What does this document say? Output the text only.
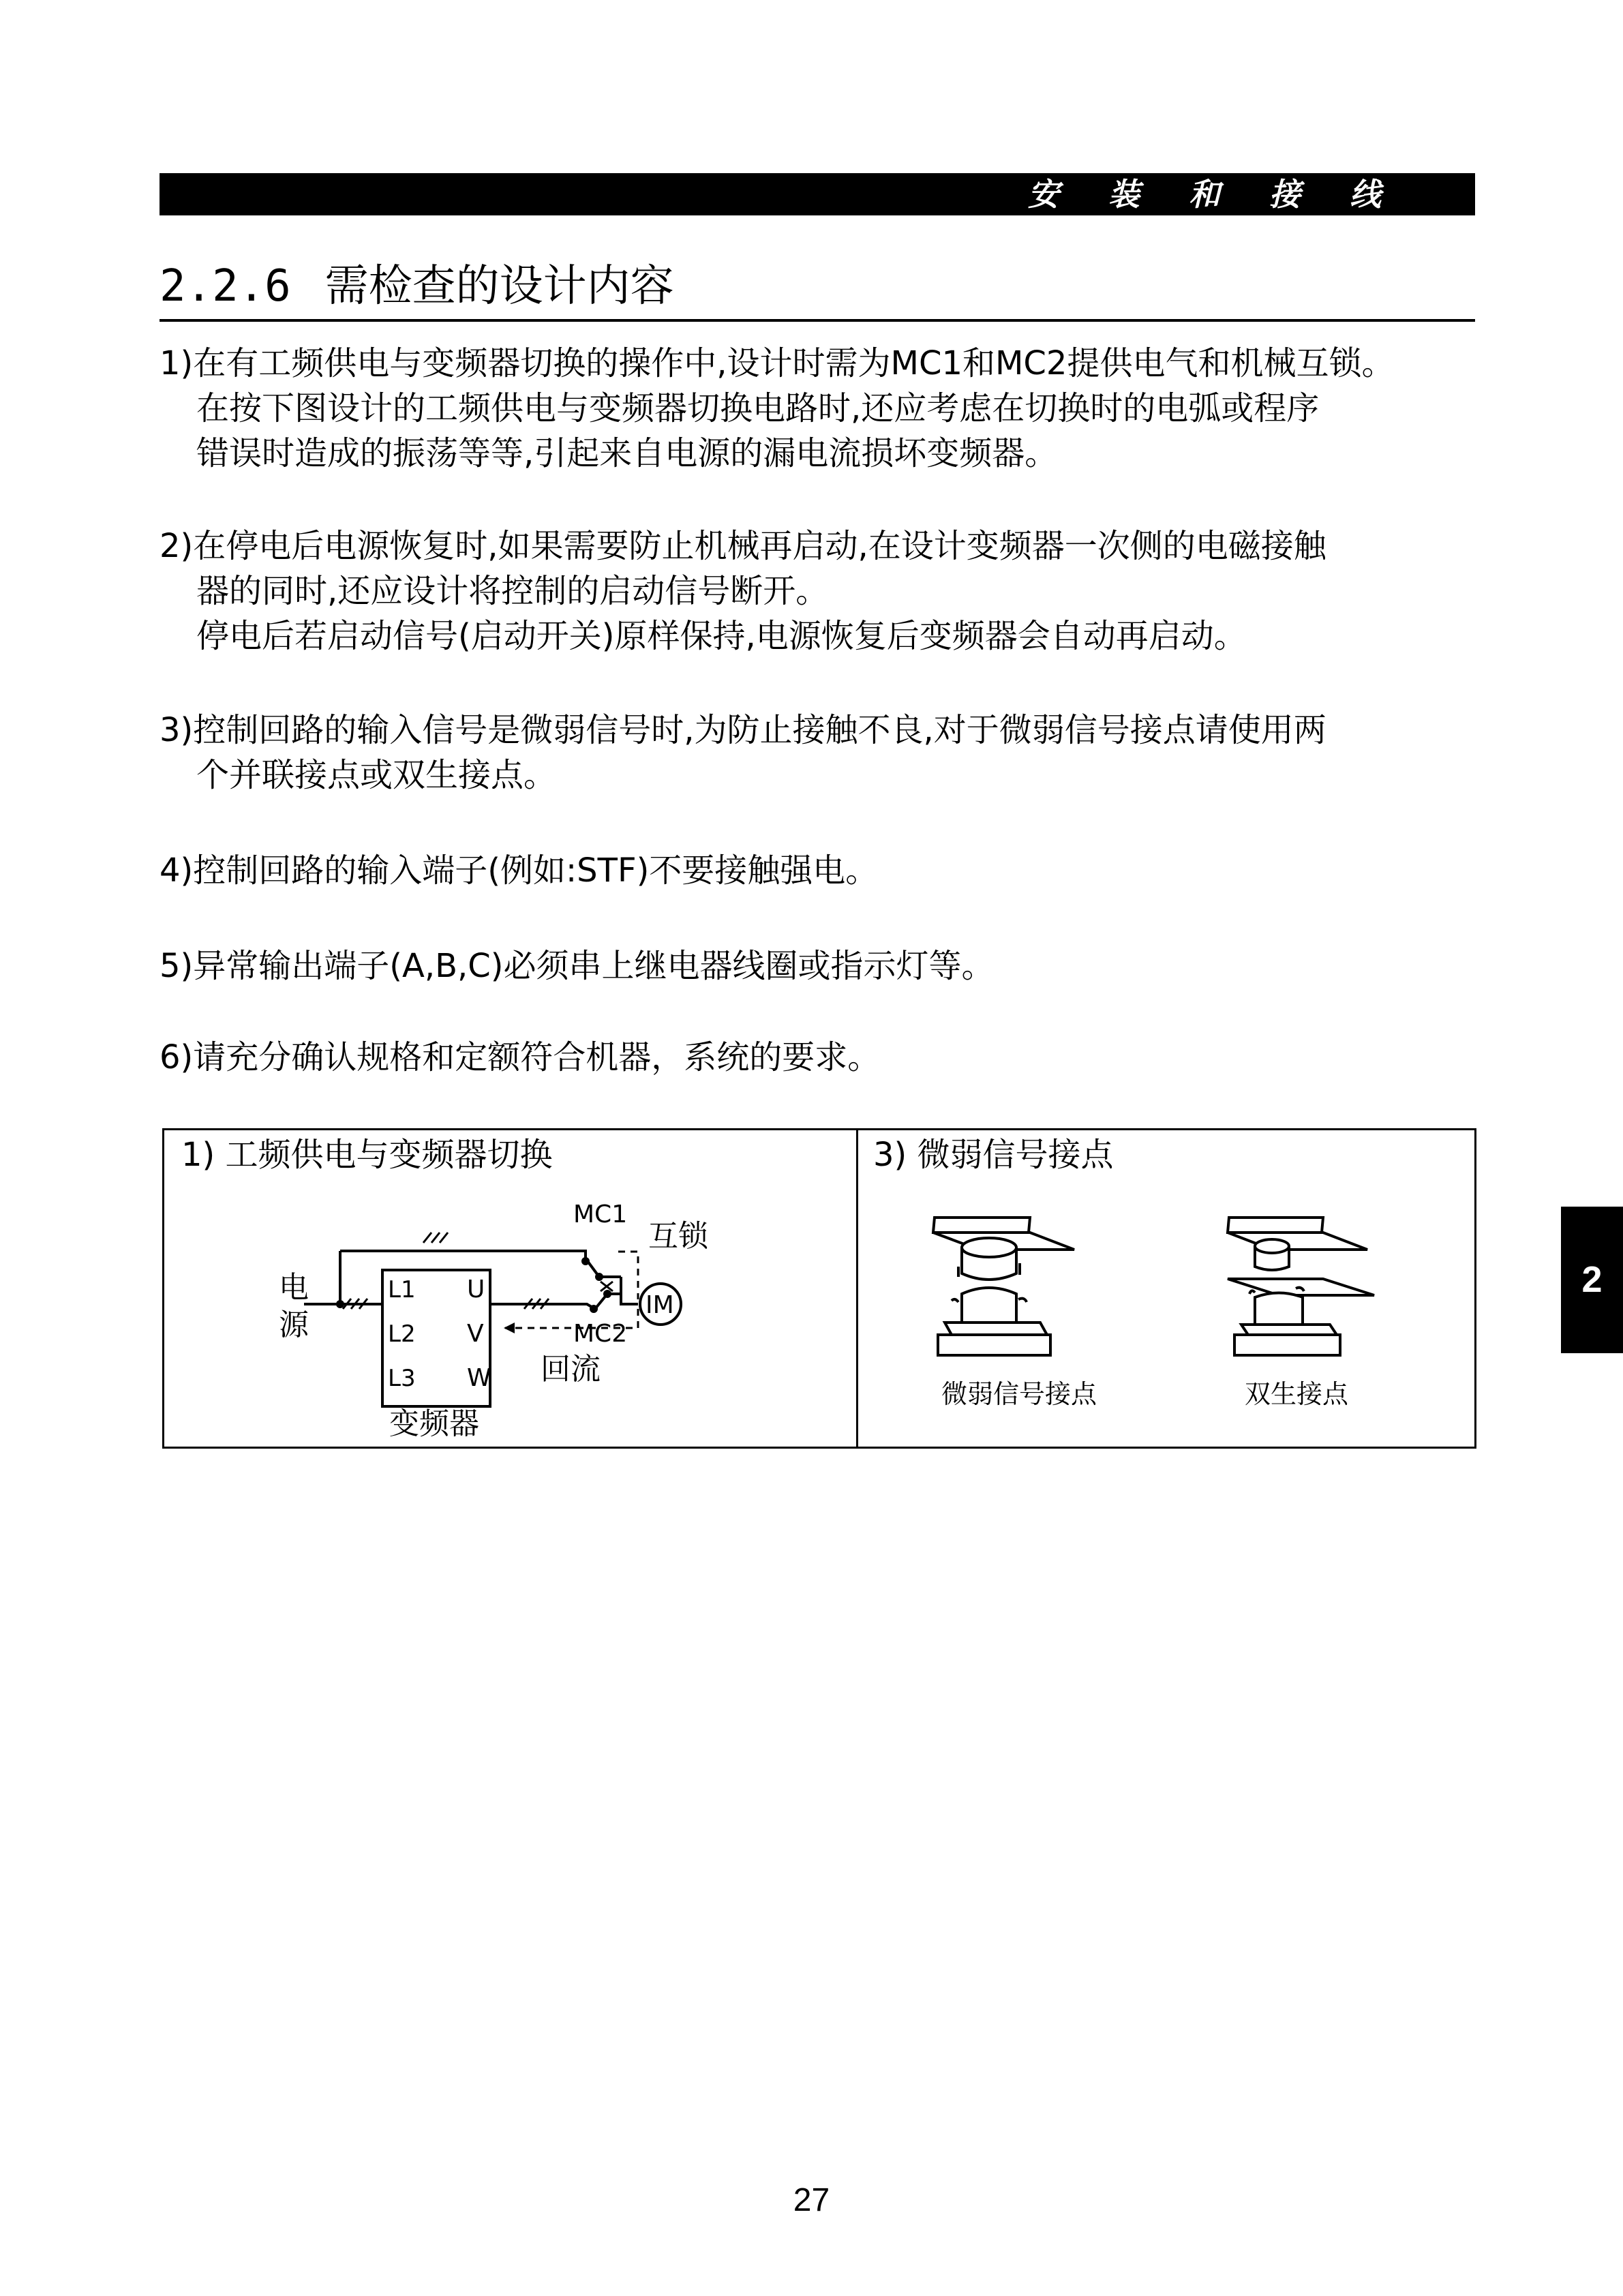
安 装 和 接 线
2.2.6 需检查的设计内容
1)在有工频供电与变频器切换的操作中,设计时需为MC1和MC2提供电气和机械互锁。
在按下图设计的工频供电与变频器切换电路时,还应考虑在切换时的电弧或程序
错误时造成的振荡等等,引起来自电源的漏电流损坏变频器。
2)在停电后电源恢复时,如果需要防止机械再启动,在设计变频器一次侧的电磁接触
器的同时,还应设计将控制的启动信号断开。
停电后若启动信号(启动开关)原样保持,电源恢复后变频器会自动再启动。
3)控制回路的输入信号是微弱信号时,为防止接触不良,对于微弱信号接点请使用两
个并联接点或双生接点。
4)控制回路的输入端子(例如:STF)不要接触强电。
5)异常输出端子(A,B,C)必须串上继电器线圈或指示灯等。
6)请充分确认规格和定额符合机器，系统的要求。
1) 工频供电与变频器切换	3) 微弱信号接点
MC1
互锁
电
源
L1
L2
L3
U
V
W
IM
MC2
回流
变频器
微弱信号接点	双生接点
2
27
